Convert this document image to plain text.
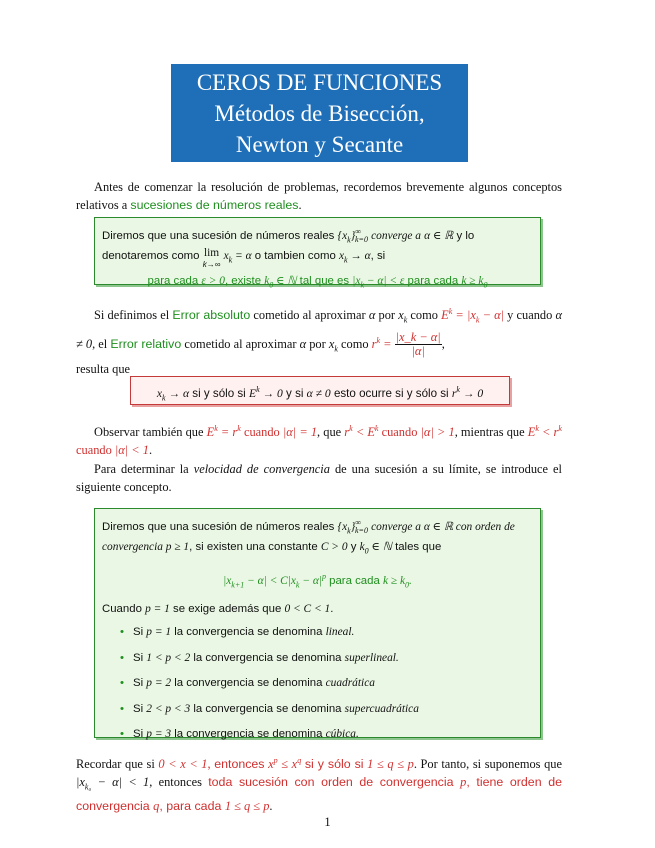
CEROS DE FUNCIONES
Métodos de Bisección,
Newton y Secante
Antes de comenzar la resolución de problemas, recordemos brevemente algunos conceptos relativos a sucesiones de números reales.
Diremos que una sucesión de números reales $\{x_k\}^\infty_{k=0}$ converge a α ∈ ℝ y lo denotaremos como lim
k→∞
$x_k = \alpha$ o tambien como $x_k \to \alpha$, si
para cada ε > 0, existe $k_0$ ∈ ℕ tal que es $|x_k - \alpha| < \varepsilon$ para cada $k \ge k_0$
Si definimos el Error absoluto cometido al aproximar α por $x_k$ como $E^k = |x_k - \alpha|$ y cuando α ≠ 0, el Error relativo cometido al aproximar α por $x_k$ como $r^k = \frac{|x\_k - \alpha|}{|\alpha|}$ ,
resulta que
$x_k \to \alpha$ si y sólo si $E^k \to 0$ y si α ≠ 0 esto ocurre si y sólo si $r^k \to 0$
Observar también que $E^k = r^k$ cuando |α| = 1, que $r^k < E^k$ cuando |α| > 1, mientras que $E^k < r^k$ cuando |α| < 1.
Para determinar la velocidad de convergencia de una sucesión a su límite, se introduce el siguiente concepto.
Diremos que una sucesión de números reales $\{x_k\}^\infty_{k=0}$ converge a α ∈ ℝ con orden de convergencia p ≥ 1, si existen una constante C > 0 y $k_0$ ∈ ℕ tales que
$|x_{k+1} - \alpha| < C|x_k - \alpha|^p$ para cada $k \ge k_0$.
Cuando p = 1 se exige además que 0 < C < 1.
• Si p = 1 la convergencia se denomina lineal.
• Si 1 < p < 2 la convergencia se denomina superlineal.
• Si p = 2 la convergencia se denomina cuadrática
• Si 2 < p < 3 la convergencia se denomina supercuadrática
• Si p = 3 la convergencia se denomina cúbica.
Recordar que si 0 < x < 1, entonces $x^p \le x^q$ si y sólo si 1 ≤ q ≤ p. Por tanto, si suponemos que $|x_{k_0} - \alpha| < 1$, entonces toda sucesión con orden de convergencia p, tiene orden de convergencia q, para cada 1 ≤ q ≤ p.
1
